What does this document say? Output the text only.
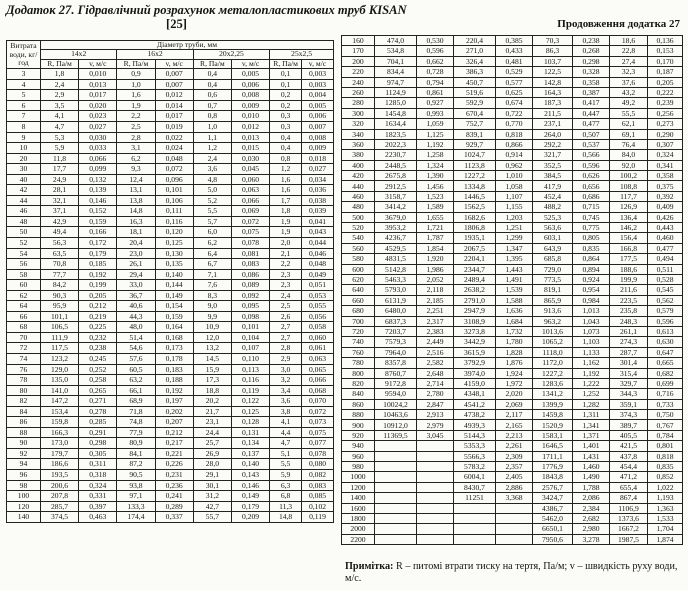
Додаток 27. Гідравлічний розрахунок металопластикових труб KISAN
[25]	Продовження додатка 27
Витрата води, кг/год	Діаметр труби, мм							
	14x2		16x2		20x2,25		25x2,5	
	R, Па/м	v, м/с	R, Па/м	v, м/с	R, Па/м	v, м/с	R, Па/м	v, м/с
3	1,8	0,010	0,9	0,007	0,4	0,005	0,1	0,003
4	2,4	0,013	1,0	0,007	0,4	0,006	0,1	0,003
5	2,9	0,017	1,6	0,012	0,6	0,008	0,2	0,004
6	3,5	0,020	1,9	0,014	0,7	0,009	0,2	0,005
7	4,1	0,023	2,2	0,017	0,8	0,010	0,3	0,006
8	4,7	0,027	2,5	0,019	1,0	0,012	0,3	0,007
9	5,3	0,030	2,8	0,022	1,1	0,013	0,4	0,008
10	5,9	0,033	3,1	0,024	1,2	0,015	0,4	0,009
20	11,8	0,066	6,2	0,048	2,4	0,030	0,8	0,018
30	17,7	0,099	9,3	0,072	3,6	0,045	1,2	0,027
40	24,9	0,132	12,4	0,096	4,8	0,060	1,6	0,034
42	28,1	0,139	13,1	0,101	5,0	0,063	1,6	0,036
44	32,1	0,146	13,8	0,106	5,2	0,066	1,7	0,038
46	37,1	0,152	14,8	0,111	5,5	0,069	1,8	0,039
48	42,9	0,159	16,3	0,116	5,7	0,072	1,9	0,041
50	49,4	0,166	18,1	0,120	6,0	0,075	1,9	0,043
52	56,3	0,172	20,4	0,125	6,2	0,078	2,0	0,044
54	63,5	0,179	23,0	0,130	6,4	0,081	2,1	0,046
56	70,8	0,185	26,1	0,135	6,7	0,083	2,2	0,048
58	77,7	0,192	29,4	0,140	7,1	0,086	2,3	0,049
60	84,2	0,199	33,0	0,144	7,6	0,089	2,3	0,051
62	90,3	0,205	36,7	0,149	8,3	0,092	2,4	0,053
64	95,9	0,212	40,6	0,154	9,0	0,095	2,5	0,055
66	101,1	0,219	44,3	0,159	9,9	0,098	2,6	0,056
68	106,5	0,225	48,0	0,164	10,9	0,101	2,7	0,058
70	111,9	0,232	51,4	0,168	12,0	0,104	2,7	0,060
72	117,5	0,238	54,6	0,173	13,2	0,107	2,8	0,061
74	123,2	0,245	57,6	0,178	14,5	0,110	2,9	0,063
76	129,0	0,252	60,5	0,183	15,9	0,113	3,0	0,065
78	135,0	0,258	63,2	0,188	17,3	0,116	3,2	0,066
80	141,0	0,265	66,1	0,192	18,8	0,119	3,4	0,068
82	147,2	0,271	68,9	0,197	20,2	0,122	3,6	0,070
84	153,4	0,278	71,8	0,202	21,7	0,125	3,8	0,072
86	159,8	0,285	74,8	0,207	23,1	0,128	4,1	0,073
88	166,3	0,291	77,9	0,212	24,4	0,131	4,4	0,075
90	173,0	0,298	80,9	0,217	25,7	0,134	4,7	0,077
92	179,7	0,305	84,1	0,221	26,9	0,137	5,1	0,078
94	186,6	0,311	87,2	0,226	28,0	0,140	5,5	0,080
96	193,5	0,318	90,5	0,231	29,1	0,143	5,9	0,082
98	200,6	0,324	93,8	0,236	30,1	0,146	6,3	0,083
100	207,8	0,331	97,1	0,241	31,2	0,149	6,8	0,085
120	285,7	0,397	133,3	0,289	42,7	0,179	11,3	0,102
140	374,5	0,463	174,4	0,337	55,7	0,209	14,8	0,119
160	474,0	0,530	220,4	0,385	70,3	0,238	18,6	0,136
170	534,8	0,596	271,0	0,433	86,3	0,268	22,8	0,153
200	704,1	0,662	326,4	0,481	103,7	0,298	27,4	0,170
220	834,4	0,728	386,3	0,529	122,5	0,328	32,3	0,187
240	974,7	0,794	450,7	0,577	142,8	0,358	37,6	0,205
260	1124,9	0,861	519,6	0,625	164,3	0,387	43,2	0,222
280	1285,0	0,927	592,9	0,674	187,3	0,417	49,2	0,239
300	1454,8	0,993	670,4	0,722	211,5	0,447	55,5	0,256
320	1634,4	1,059	752,7	0,770	237,1	0,477	62,1	0,273
340	1823,5	1,125	839,1	0,818	264,0	0,507	69,1	0,290
360	2022,3	1,192	929,7	0,866	292,2	0,537	76,4	0,307
380	2230,7	1,258	1024,7	0,914	321,7	0,566	84,0	0,324
400	2448,5	1,324	1123,8	0,962	352,5	0,596	92,0	0,341
420	2675,8	1,390	1227,2	1,010	384,5	0,626	100,2	0,358
440	2912,5	1,456	1334,8	1,058	417,9	0,656	108,8	0,375
460	3158,7	1,523	1446,5	1,107	452,4	0,686	117,7	0,392
480	3414,2	1,589	1562,5	1,155	488,2	0,715	126,9	0,409
500	3679,0	1,655	1682,6	1,203	525,3	0,745	136,4	0,426
520	3953,2	1,721	1806,8	1,251	563,6	0,775	146,2	0,443
540	4236,7	1,787	1935,1	1,299	603,1	0,805	156,4	0,460
560	4529,5	1,854	2067,5	1,347	643,9	0,835	166,8	0,477
580	4831,5	1,920	2204,1	1,395	685,8	0,864	177,5	0,494
600	5142,8	1,986	2344,7	1,443	729,0	0,894	188,6	0,511
620	5463,3	2,052	2489,4	1,491	773,5	0,924	199,9	0,528
640	5793,0	2,118	2638,2	1,539	819,1	0,954	211,6	0,545
660	6131,9	2,185	2791,0	1,588	865,9	0,984	223,5	0,562
680	6480,0	2,251	2947,9	1,636	913,6	1,013	235,8	0,579
700	6837,3	2,317	3108,9	1,684	963,2	1,043	248,3	0,596
720	7203,7	2,383	3273,8	1,732	1013,6	1,073	261,1	0,613
740	7579,3	2,449	3442,9	1,780	1065,2	1,103	274,3	0,630
760	7964,0	2,516	3615,9	1,828	1118,0	1,133	287,7	0,647
780	8357,8	2,582	3792,9	1,876	1172,0	1,162	301,4	0,665
800	8760,7	2,648	3974,0	1,924	1227,2	1,192	315,4	0,682
820	9172,8	2,714	4159,0	1,972	1283,6	1,222	329,7	0,699
840	9594,0	2,780	4348,1	2,020	1341,2	1,252	344,3	0,716
860	10024,2	2,847	4541,2	2,069	1399,9	1,282	359,1	0,733
880	10463,6	2,913	4738,2	2,117	1459,8	1,311	374,3	0,750
900	10912,0	2,979	4939,3	2,165	1520,9	1,341	389,7	0,767
920	11369,5	3,045	5144,3	2,213	1583,1	1,371	405,5	0,784
940			5353,3	2,261	1646,5	1,401	421,5	0,801
960			5566,3	2,309	1711,1	1,431	437,8	0,818
980			5783,2	2,357	1776,9	1,460	454,4	0,835
1000			6004,1	2,405	1843,8	1,490	471,2	0,852
1200			8430,7	2,886	2576,7	1,788	655,4	1,022
1400			11251	3,368	3424,7	2,086	867,4	1,193
1600					4386,7	2,384	1106,9	1,363
1800					5462,0	2,682	1373,6	1,533
2000					6650,1	2,980	1667,2	1,704
2200					7950,6	3,278	1987,5	1,874
Примітка: R – питомі втрати тиску на тертя, Па/м; v – швидкість руху води, м/с.
